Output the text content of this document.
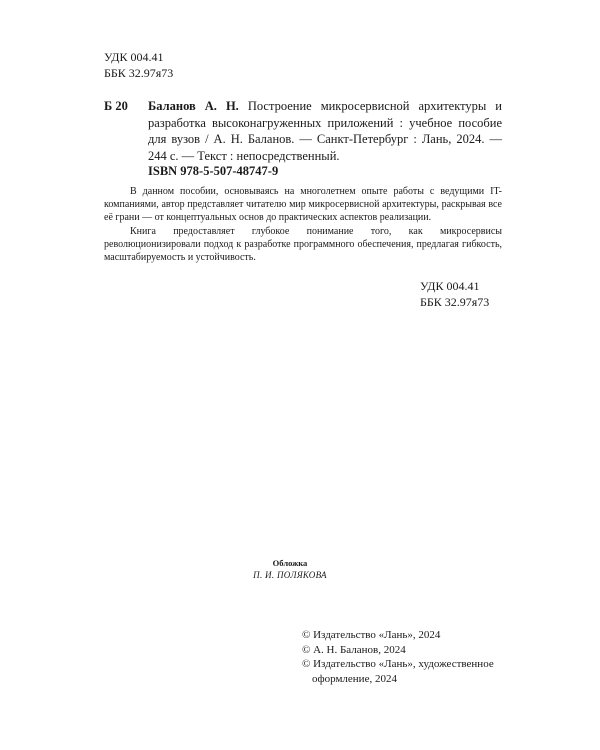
УДК 004.41
ББК 32.97я73
Б 20 Баланов А. Н. Построение микросервисной архитектуры и разработка высоконагруженных приложений : учебное пособие для вузов / А. Н. Баланов. — Санкт-Петербург : Лань, 2024. — 244 с. — Текст : непосредственный.
ISBN 978-5-507-48747-9

В данном пособии, основываясь на многолетнем опыте работы с ведущими IT-компаниями, автор представляет читателю мир микросервисной архитектуры, раскрывая все её грани — от концептуальных основ до практических аспектов реализации.

Книга предоставляет глубокое понимание того, как микросервисы революционизировали подход к разработке программного обеспечения, предлагая гибкость, масштабируемость и устойчивость.

УДК 004.41
ББК 32.97я73
Обложка
П. И. ПОЛЯКОВА
© Издательство «Лань», 2024
© А. Н. Баланов, 2024
© Издательство «Лань», художественное
оформление, 2024
